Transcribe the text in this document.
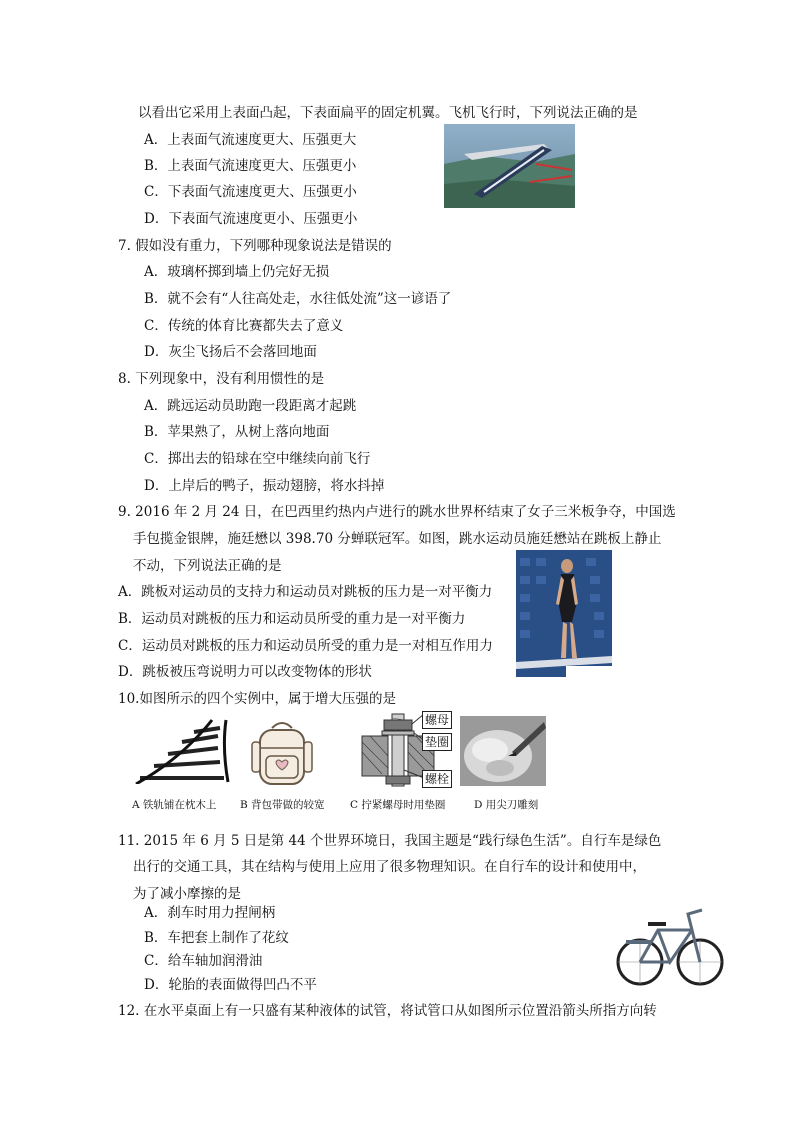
以看出它采用上表面凸起，下表面扁平的固定机翼。飞机飞行时，下列说法正确的是
A．上表面气流速度更大、压强更大
B．上表面气流速度更大、压强更小
C．下表面气流速度更大、压强更小
D．下表面气流速度更小、压强更小
7. 假如没有重力，下列哪种现象说法是错误的
A．玻璃杯掷到墙上仍完好无损
B．就不会有“人往高处走，水往低处流”这一谚语了
C．传统的体育比赛都失去了意义
D．灰尘飞扬后不会落回地面
8. 下列现象中，没有利用惯性的是
A．跳远运动员助跑一段距离才起跳
B．苹果熟了，从树上落向地面
C．掷出去的铅球在空中继续向前飞行
D．上岸后的鸭子，振动翅膀，将水抖掉
9. 2016 年 2 月 24 日，在巴西里约热内卢进行的跳水世界杯结束了女子三米板争夺，中国选
手包揽金银牌，施廷懋以 398.70 分蝉联冠军。如图，跳水运动员施廷懋站在跳板上静止
不动，下列说法正确的是
A．跳板对运动员的支持力和运动员对跳板的压力是一对平衡力
B．运动员对跳板的压力和运动员所受的重力是一对平衡力
C．运动员对跳板的压力和运动员所受的重力是一对相互作用力
D．跳板被压弯说明力可以改变物体的形状
10.如图所示的四个实例中，属于增大压强的是
螺母
垫圈
螺栓
A 铁轨铺在枕木上 B 背包带做的较宽 C 拧紧螺母时用垫圈	D 用尖刀雕刻
11. 2015 年 6 月 5 日是第 44 个世界环境日，我国主题是“践行绿色生活”。自行车是绿色
出行的交通工具，其在结构与使用上应用了很多物理知识。在自行车的设计和使用中，
为了减小摩擦的是
A．刹车时用力捏闸柄
B．车把套上制作了花纹
C．给车轴加润滑油
D．轮胎的表面做得凹凸不平
12. 在水平桌面上有一只盛有某种液体的试管，将试管口从如图所示位置沿箭头所指方向转
